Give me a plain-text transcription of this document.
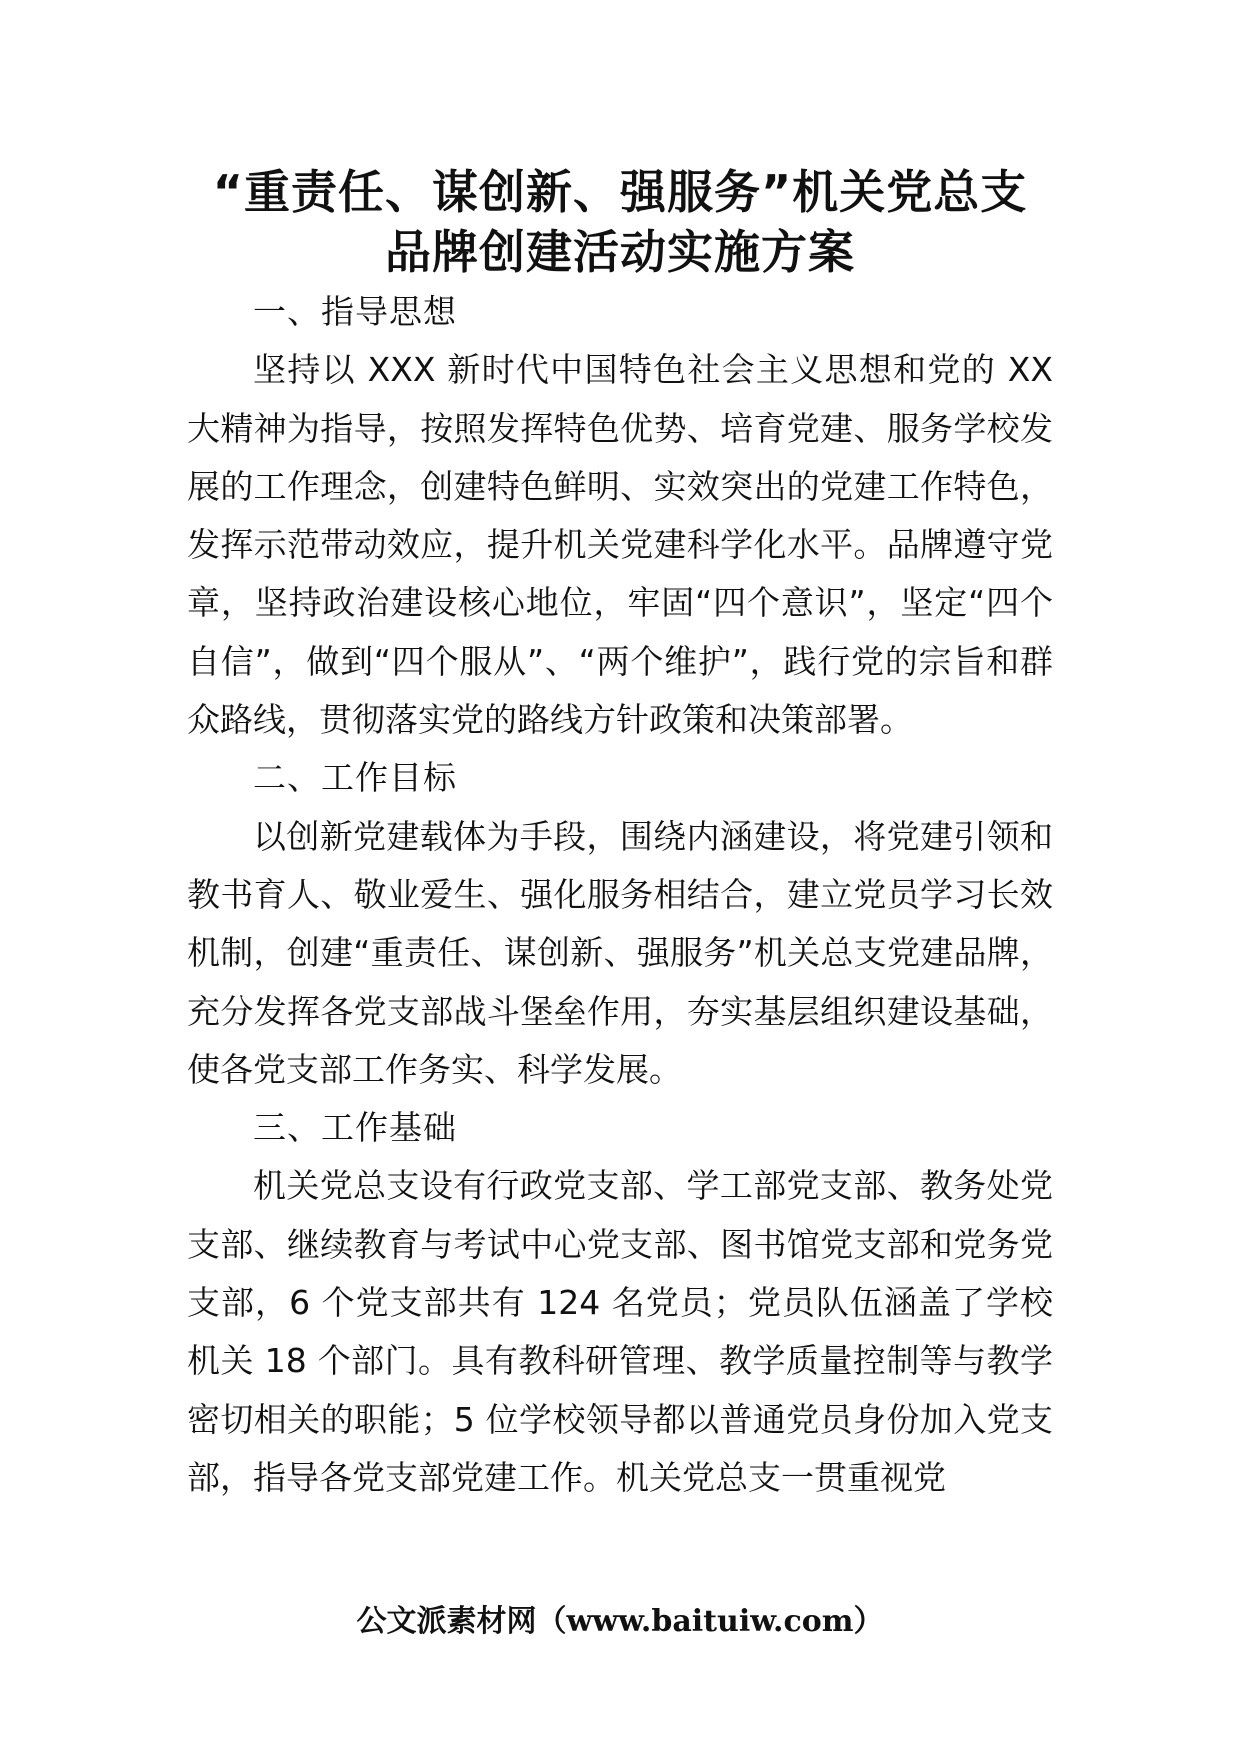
“重责任、谋创新、强服务”机关党总支
品牌创建活动实施方案

一、指导思想

坚持以 XXX 新时代中国特色社会主义思想和党的 XX 大精神为指导，按照发挥特色优势、培育党建、服务学校发展的工作理念，创建特色鲜明、实效突出的党建工作特色，发挥示范带动效应，提升机关党建科学化水平。品牌遵守党章，坚持政治建设核心地位，牢固“四个意识”，坚定“四个自信”，做到“四个服从”、“两个维护”，践行党的宗旨和群众路线，贯彻落实党的路线方针政策和决策部署。

二、工作目标

以创新党建载体为手段，围绕内涵建设，将党建引领和教书育人、敬业爱生、强化服务相结合，建立党员学习长效机制，创建“重责任、谋创新、强服务”机关总支党建品牌，充分发挥各党支部战斗堡垒作用，夯实基层组织建设基础，使各党支部工作务实、科学发展。

三、工作基础

机关党总支设有行政党支部、学工部党支部、教务处党支部、继续教育与考试中心党支部、图书馆党支部和党务党支部，6 个党支部共有 124 名党员；党员队伍涵盖了学校机关 18 个部门。具有教科研管理、教学质量控制等与教学密切相关的职能；5 位学校领导都以普通党员身份加入党支部，指导各党支部党建工作。机关党总支一贯重视党

公文派素材网（www.baituiw.com）
